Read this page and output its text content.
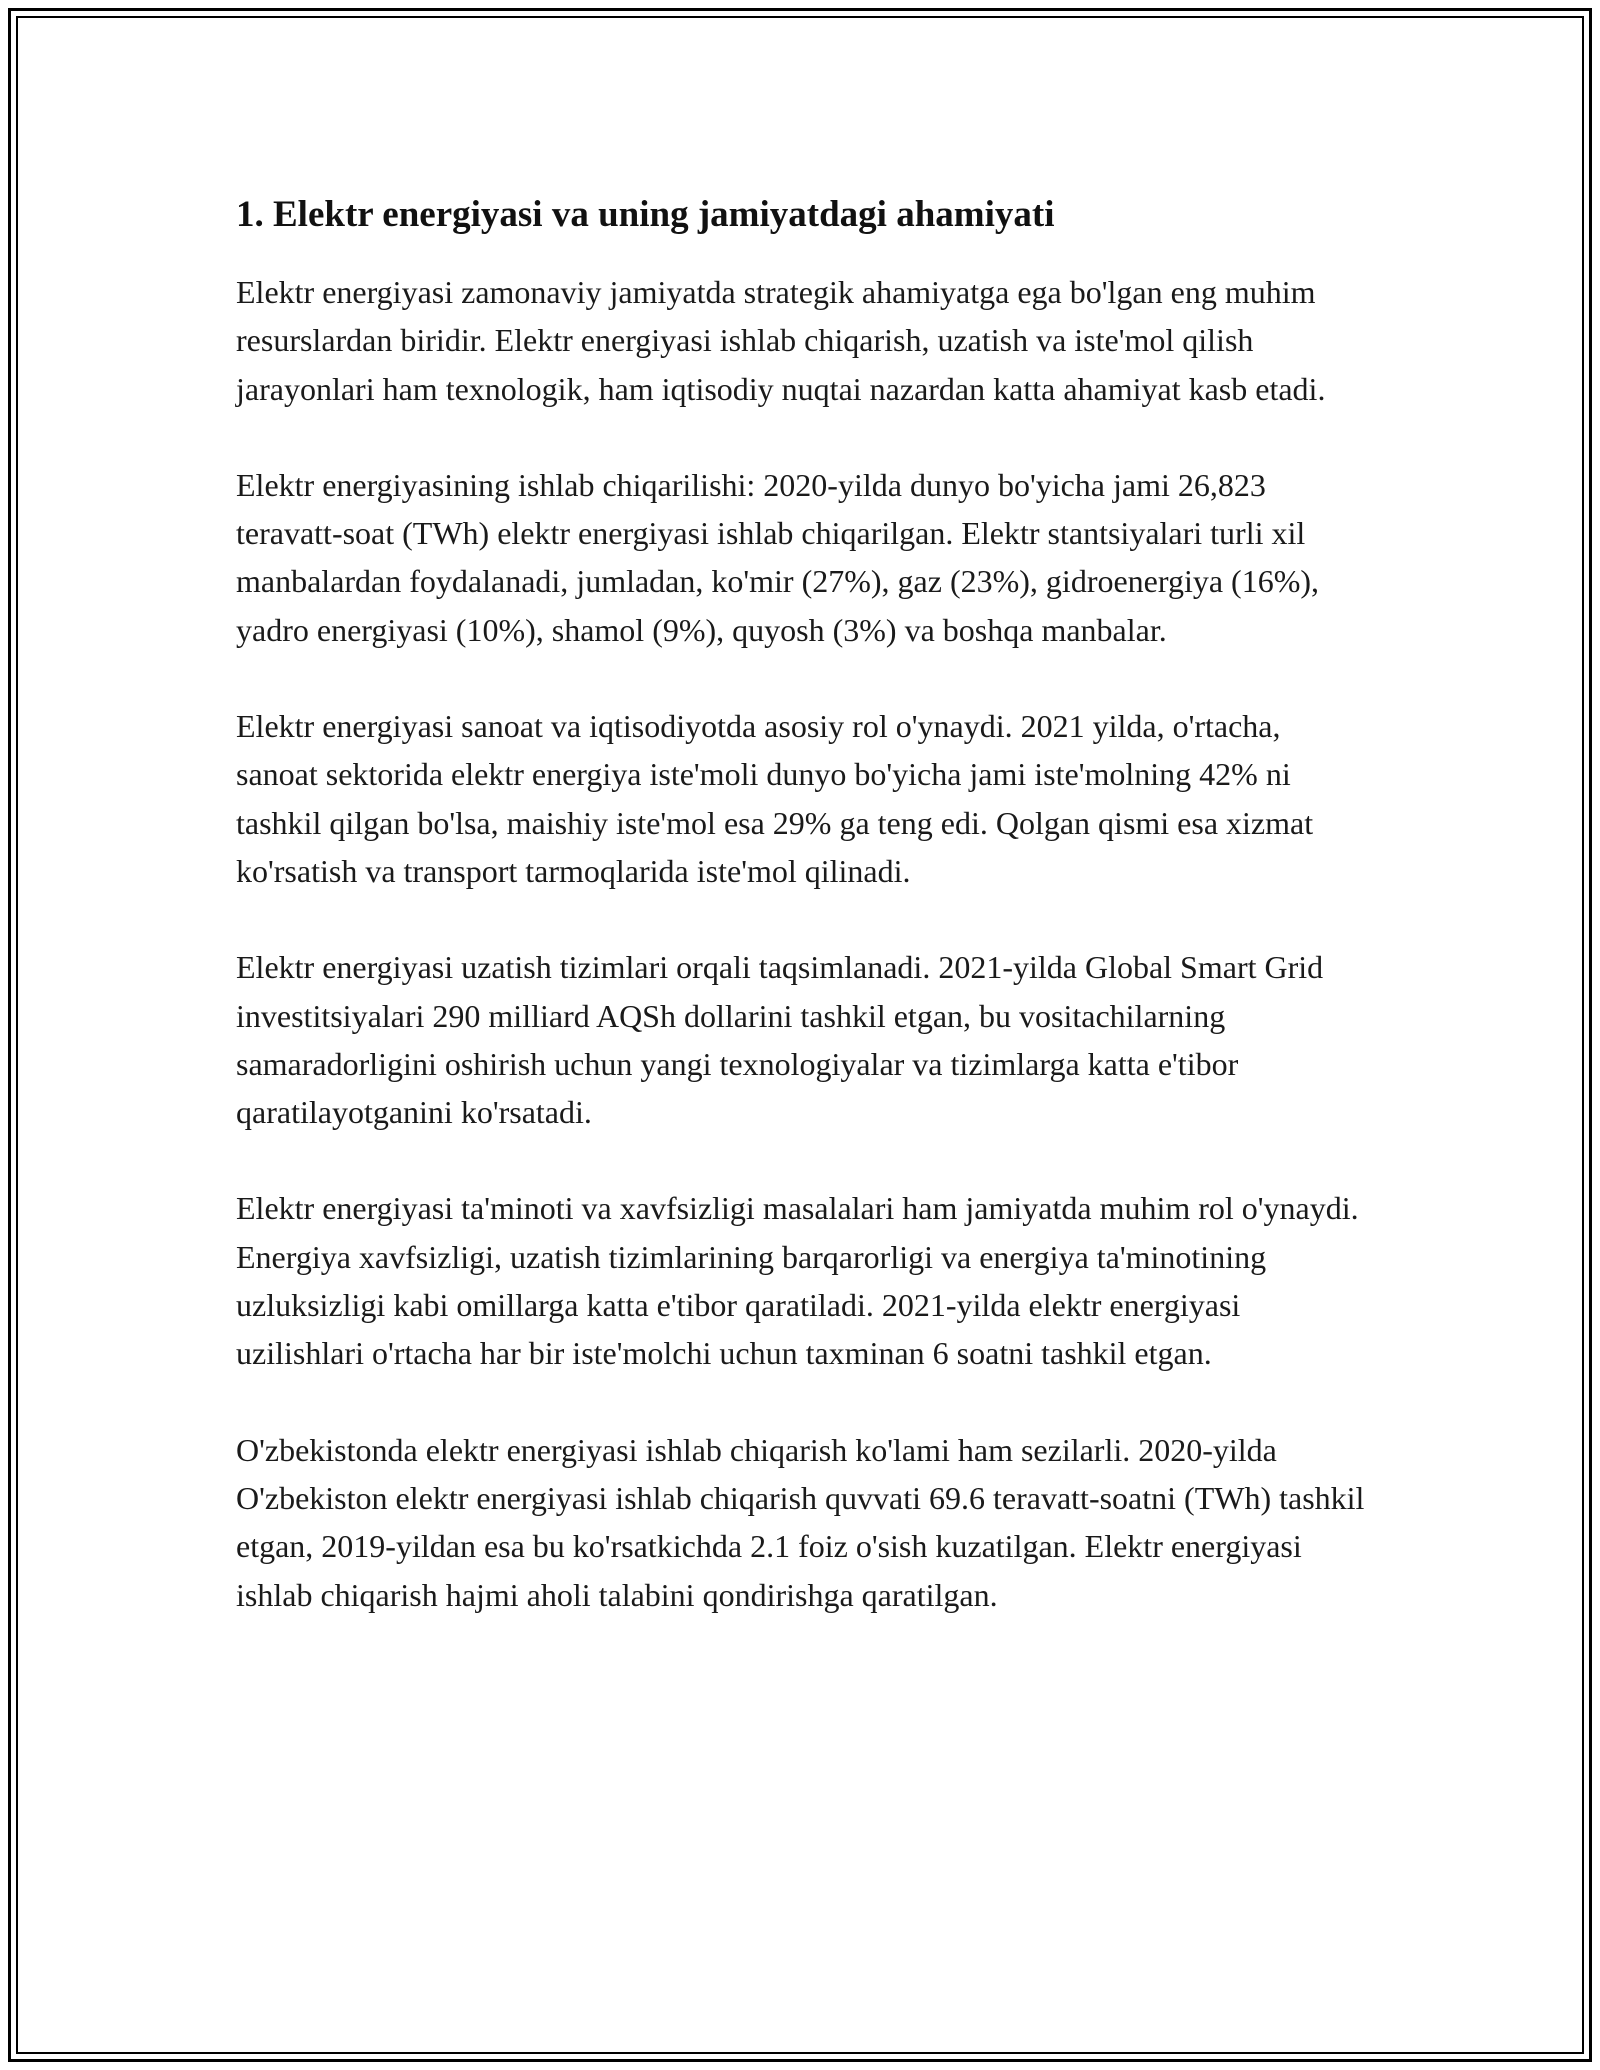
1. Elektr energiyasi va uning jamiyatdagi ahamiyati

Elektr energiyasi zamonaviy jamiyatda strategik ahamiyatga ega bo'lgan eng muhim resurslardan biridir. Elektr energiyasi ishlab chiqarish, uzatish va iste'mol qilish jarayonlari ham texnologik, ham iqtisodiy nuqtai nazardan katta ahamiyat kasb etadi.

Elektr energiyasining ishlab chiqarilishi: 2020-yilda dunyo bo'yicha jami 26,823 teravatt-soat (TWh) elektr energiyasi ishlab chiqarilgan. Elektr stantsiyalari turli xil manbalardan foydalanadi, jumladan, ko'mir (27%), gaz (23%), gidroenergiya (16%), yadro energiyasi (10%), shamol (9%), quyosh (3%) va boshqa manbalar.

Elektr energiyasi sanoat va iqtisodiyotda asosiy rol o'ynaydi. 2021 yilda, o'rtacha, sanoat sektorida elektr energiya iste'moli dunyo bo'yicha jami iste'molning 42% ni tashkil qilgan bo'lsa, maishiy iste'mol esa 29% ga teng edi. Qolgan qismi esa xizmat ko'rsatish va transport tarmoqlarida iste'mol qilinadi.

Elektr energiyasi uzatish tizimlari orqali taqsimlanadi. 2021-yilda Global Smart Grid investitsiyalari 290 milliard AQSh dollarini tashkil etgan, bu vositachilarning samaradorligini oshirish uchun yangi texnologiyalar va tizimlarga katta e'tibor qaratilayotganini ko'rsatadi.

Elektr energiyasi ta'minoti va xavfsizligi masalalari ham jamiyatda muhim rol o'ynaydi. Energiya xavfsizligi, uzatish tizimlarining barqarorligi va energiya ta'minotining uzluksizligi kabi omillarga katta e'tibor qaratiladi. 2021-yilda elektr energiyasi uzilishlari o'rtacha har bir iste'molchi uchun taxminan 6 soatni tashkil etgan.

O'zbekistonda elektr energiyasi ishlab chiqarish ko'lami ham sezilarli. 2020-yilda O'zbekiston elektr energiyasi ishlab chiqarish quvvati 69.6 teravatt-soatni (TWh) tashkil etgan, 2019-yildan esa bu ko'rsatkichda 2.1 foiz o'sish kuzatilgan. Elektr energiyasi ishlab chiqarish hajmi aholi talabini qondirishga qaratilgan.
